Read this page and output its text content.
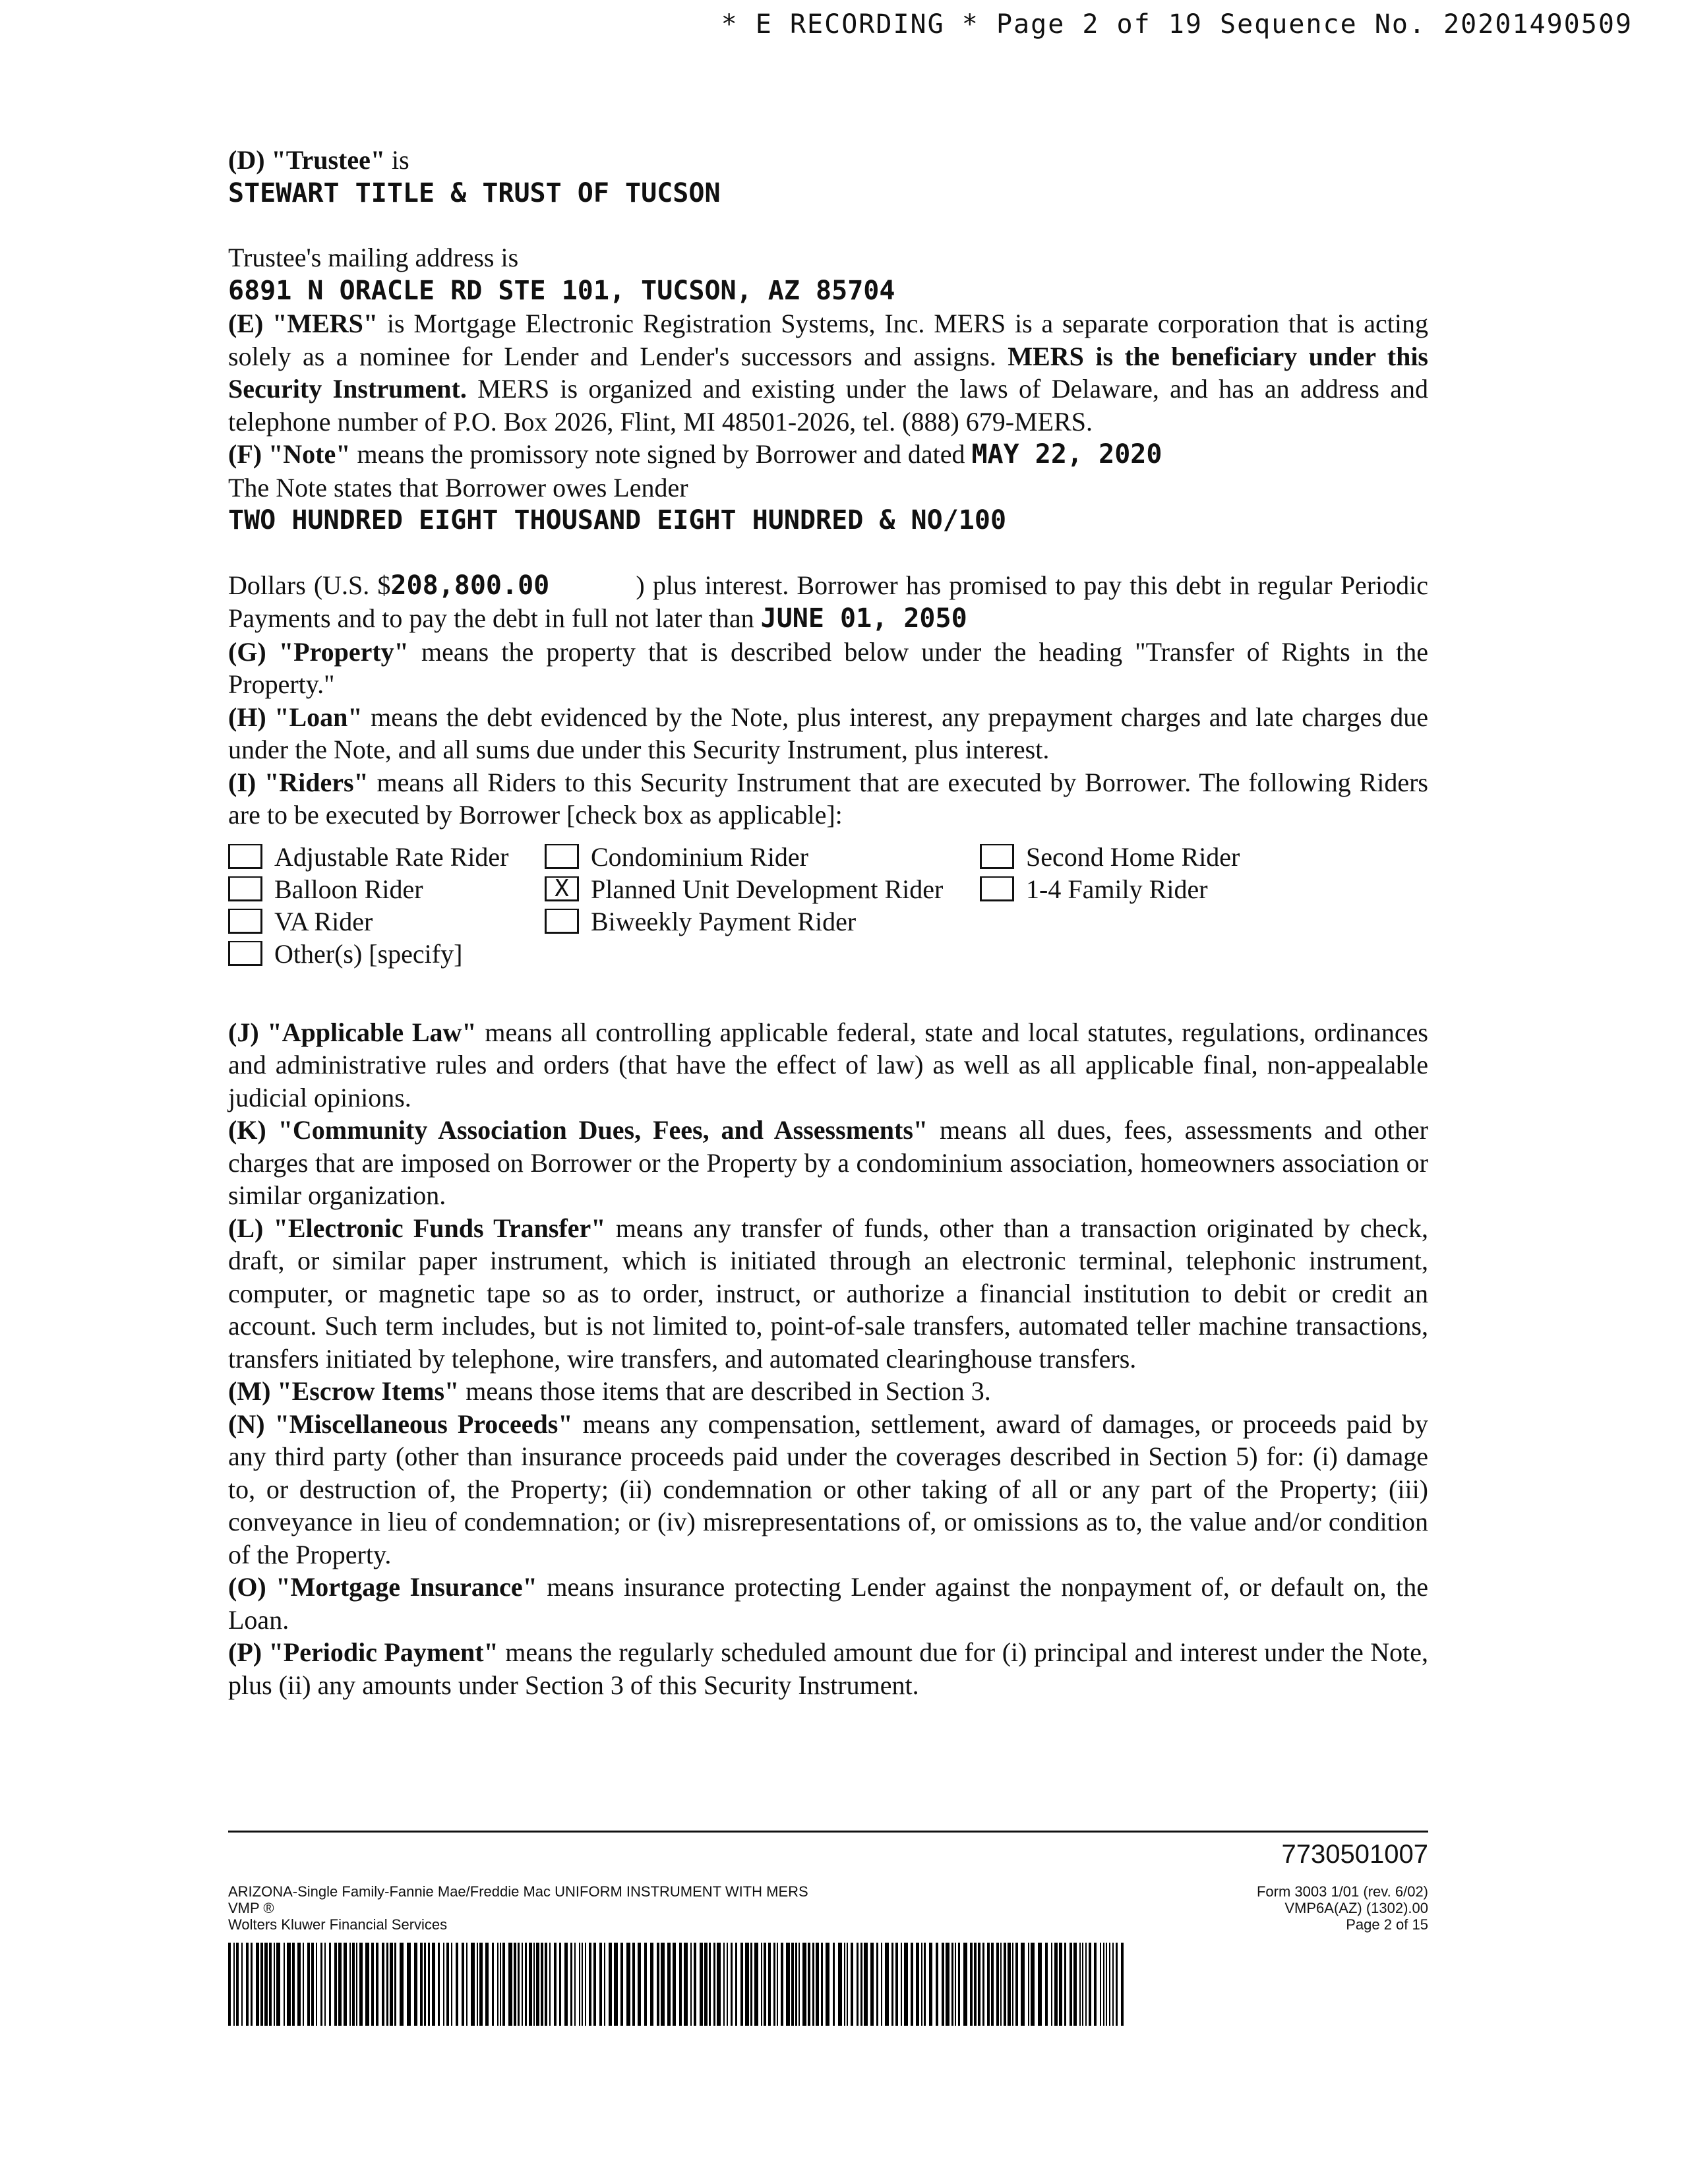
* E RECORDING * Page 2 of 19 Sequence No. 20201490509

(D) "Trustee" is

STEWART TITLE & TRUST OF TUCSON

Trustee's mailing address is

6891 N ORACLE RD STE 101, TUCSON, AZ 85704

(E) "MERS" is Mortgage Electronic Registration Systems, Inc. MERS is a separate corporation that is acting solely as a nominee for Lender and Lender's successors and assigns. MERS is the beneficiary under this Security Instrument. MERS is organized and existing under the laws of Delaware, and has an address and telephone number of P.O. Box 2026, Flint, MI 48501-2026, tel. (888) 679-MERS.

(F) "Note" means the promissory note signed by Borrower and dated MAY 22, 2020

The Note states that Borrower owes Lender

TWO HUNDRED EIGHT THOUSAND EIGHT HUNDRED & NO/100

Dollars (U.S. $208,800.00	) plus interest. Borrower has promised to pay this debt in regular Periodic Payments and to pay the debt in full not later than JUNE 01, 2050

(G) "Property" means the property that is described below under the heading "Transfer of Rights in the Property."

(H) "Loan" means the debt evidenced by the Note, plus interest, any prepayment charges and late charges due under the Note, and all sums due under this Security Instrument, plus interest.

(I) "Riders" means all Riders to this Security Instrument that are executed by Borrower. The following Riders are to be executed by Borrower [check box as applicable]:

Adjustable Rate Rider	Condominium Rider	Second Home Rider
Balloon Rider	X Planned Unit Development Rider	1-4 Family Rider
VA Rider	Biweekly Payment Rider
Other(s) [specify]

(J) "Applicable Law" means all controlling applicable federal, state and local statutes, regulations, ordinances and administrative rules and orders (that have the effect of law) as well as all applicable final, non-appealable judicial opinions.

(K) "Community Association Dues, Fees, and Assessments" means all dues, fees, assessments and other charges that are imposed on Borrower or the Property by a condominium association, homeowners association or similar organization.

(L) "Electronic Funds Transfer" means any transfer of funds, other than a transaction originated by check, draft, or similar paper instrument, which is initiated through an electronic terminal, telephonic instrument, computer, or magnetic tape so as to order, instruct, or authorize a financial institution to debit or credit an account. Such term includes, but is not limited to, point-of-sale transfers, automated teller machine transactions, transfers initiated by telephone, wire transfers, and automated clearinghouse transfers.

(M) "Escrow Items" means those items that are described in Section 3.

(N) "Miscellaneous Proceeds" means any compensation, settlement, award of damages, or proceeds paid by any third party (other than insurance proceeds paid under the coverages described in Section 5) for: (i) damage to, or destruction of, the Property; (ii) condemnation or other taking of all or any part of the Property; (iii) conveyance in lieu of condemnation; or (iv) misrepresentations of, or omissions as to, the value and/or condition of the Property.

(O) "Mortgage Insurance" means insurance protecting Lender against the nonpayment of, or default on, the Loan.

(P) "Periodic Payment" means the regularly scheduled amount due for (i) principal and interest under the Note, plus (ii) any amounts under Section 3 of this Security Instrument.

7730501007
ARIZONA-Single Family-Fannie Mae/Freddie Mac UNIFORM INSTRUMENT WITH MERS
VMP ®
Wolters Kluwer Financial Services
Form 3003 1/01 (rev. 6/02)
VMP6A(AZ) (1302).00
Page 2 of 15
